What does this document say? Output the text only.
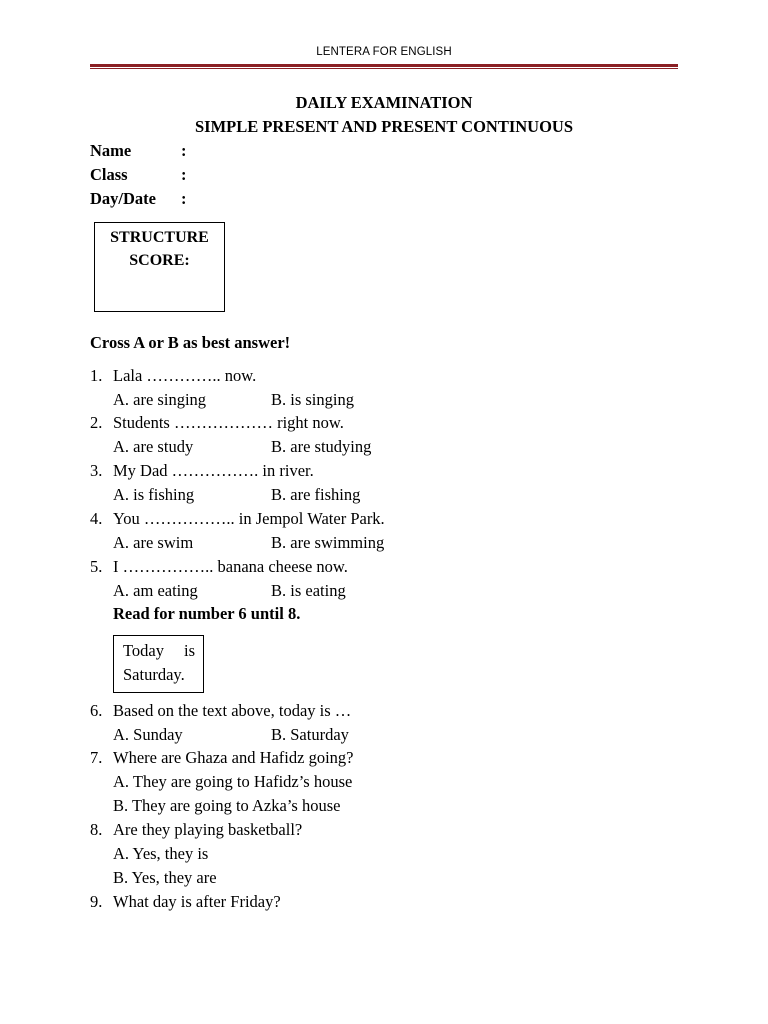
LENTERA FOR ENGLISH
DAILY EXAMINATION
SIMPLE PRESENT AND PRESENT CONTINUOUS
Name	:
Class	:
Day/Date :
STRUCTURE
SCORE:
Cross A or B as best answer!
1. Lala ………….. now.
A. are singing	B. is singing
2. Students ……………… right now.
A. are study	B. are studying
3. My Dad ……………. in river.
A. is fishing	B. are fishing
4. You …………….. in Jempol Water Park.
A. are swim	B. are swimming
5. I …………….. banana cheese now.
A. am eating	B. is eating
Read for number 6 until 8.
Today is
Saturday.
6. Based on the text above, today is …
A. Sunday	B. Saturday
7. Where are Ghaza and Hafidz going?
A. They are going to Hafidz’s house
B. They are going to Azka’s house
8. Are they playing basketball?
A. Yes, they is
B. Yes, they are
9. What day is after Friday?
